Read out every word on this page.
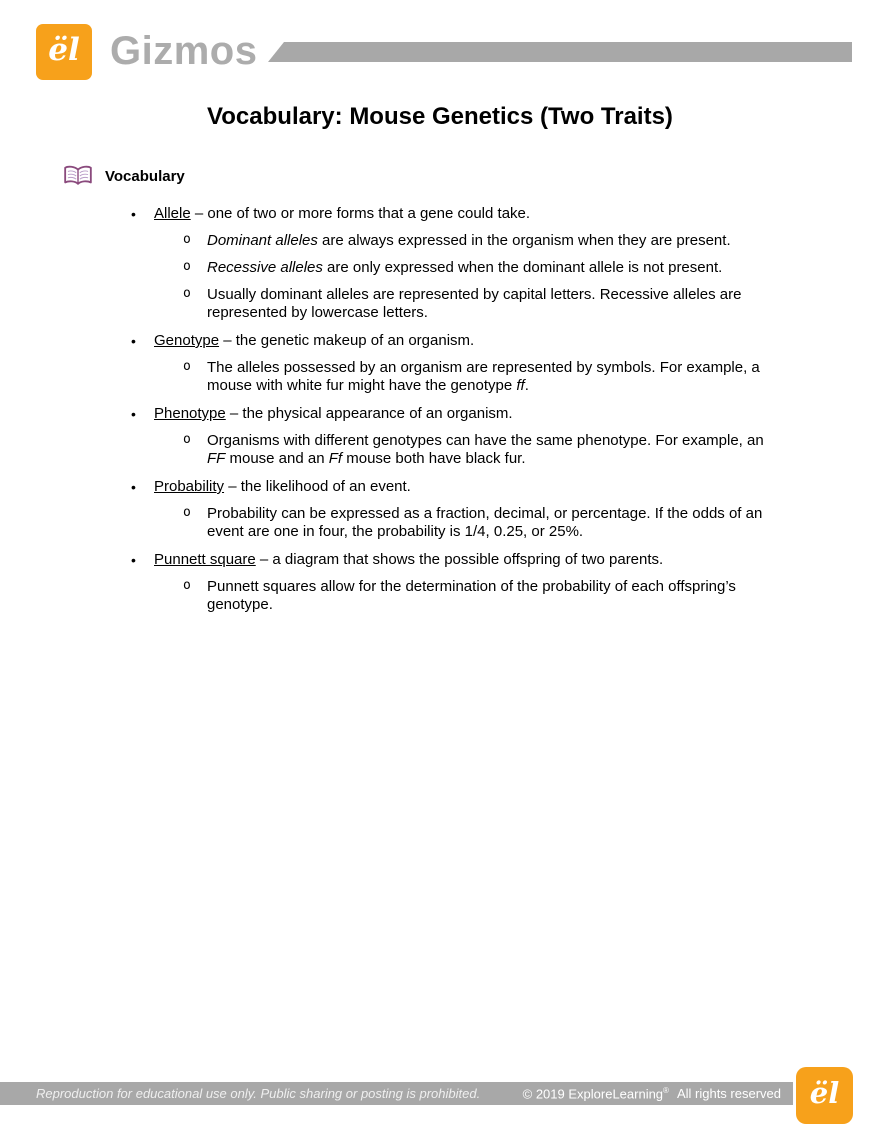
ël Gizmos
Vocabulary: Mouse Genetics (Two Traits)
Vocabulary
• Allele – one of two or more forms that a gene could take.
o Dominant alleles are always expressed in the organism when they are present.
o Recessive alleles are only expressed when the dominant allele is not present.
o Usually dominant alleles are represented by capital letters. Recessive alleles are represented by lowercase letters.
• Genotype – the genetic makeup of an organism.
o The alleles possessed by an organism are represented by symbols. For example, a mouse with white fur might have the genotype ff.
• Phenotype – the physical appearance of an organism.
o Organisms with different genotypes can have the same phenotype. For example, an FF mouse and an Ff mouse both have black fur.
• Probability – the likelihood of an event.
o Probability can be expressed as a fraction, decimal, or percentage. If the odds of an event are one in four, the probability is 1/4, 0.25, or 25%.
• Punnett square – a diagram that shows the possible offspring of two parents.
o Punnett squares allow for the determination of the probability of each offspring’s genotype.
Reproduction for educational use only. Public sharing or posting is prohibited.	© 2019 ExploreLearning® All rights reserved ël
